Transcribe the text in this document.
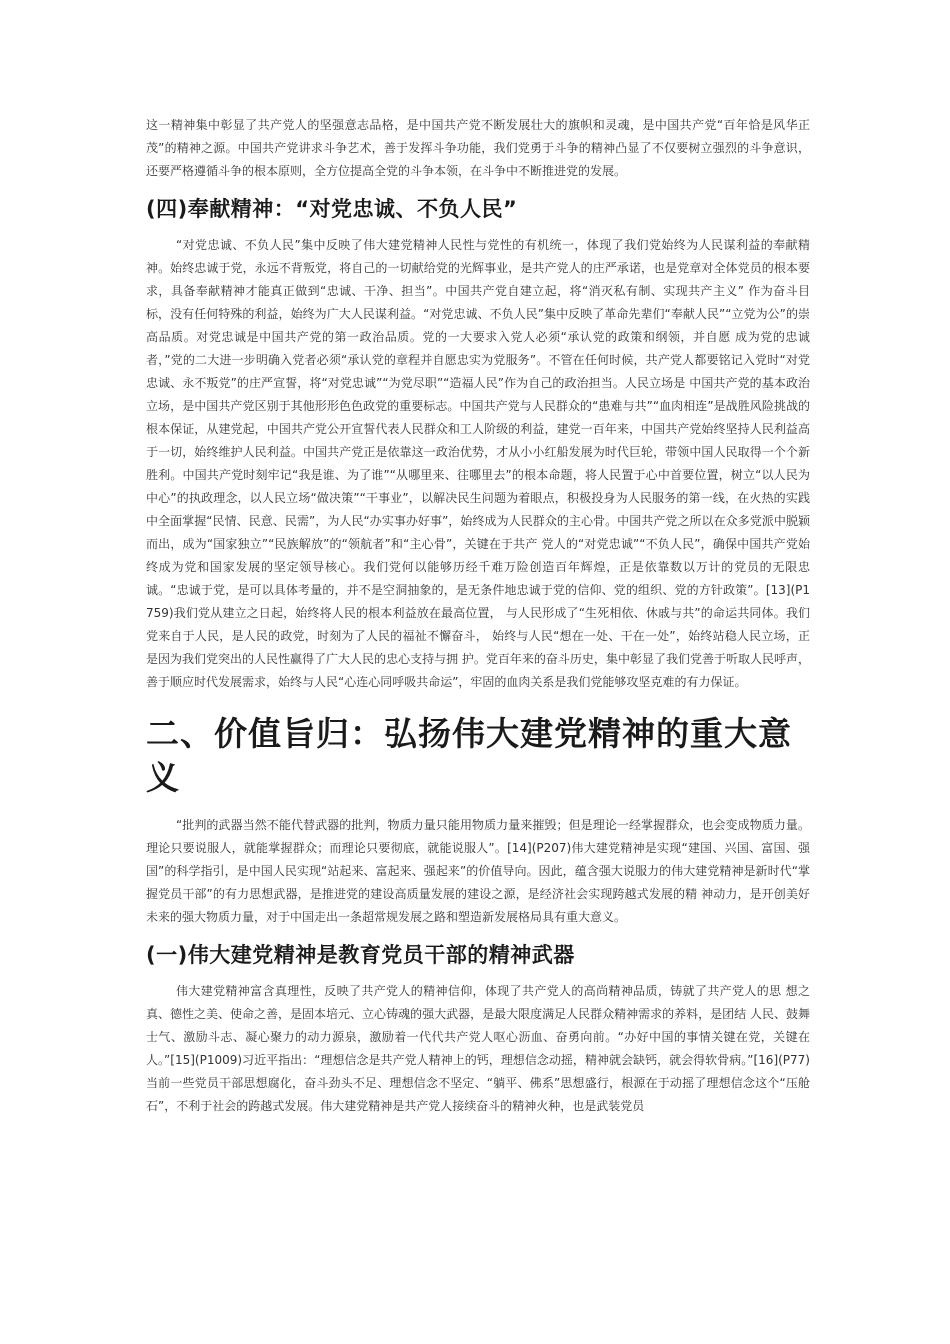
这一精神集中彰显了共产党人的坚强意志品格，是中国共产党不断发展壮大的旗帜和灵魂，是中国共产党“百年恰是风华正茂”的精神之源。中国共产党讲求斗争艺术，善于发挥斗争功能，我们党勇于斗争的精神凸显了不仅要树立强烈的斗争意识，还要严格遵循斗争的根本原则，全方位提高全党的斗争本领，在斗争中不断推进党的发展。

(四)奉献精神：“对党忠诚、不负人民”

“对党忠诚、不负人民”集中反映了伟大建党精神人民性与党性的有机统一，体现了我们党始终为人民谋利益的奉献精神。始终忠诚于党，永远不背叛党，将自己的一切献给党的光辉事业，是共产党人的庄严承诺，也是党章对全体党员的根本要求，具备奉献精神才能真正做到“忠诚、干净、担当”。中国共产党自建立起，将“消灭私有制、实现共产主义” 作为奋斗目标，没有任何特殊的利益，始终为广大人民谋利益。“对党忠诚、不负人民”集中反映了革命先辈们“奉献人民”“立党为公”的崇高品质。对党忠诚是中国共产党的第一政治品质。党的一大要求入党人必须“承认党的政策和纲领，并自愿 成为党的忠诚者，”党的二大进一步明确入党者必须“承认党的章程并自愿忠实为党服务”。不管在任何时候，共产党人都要铭记入党时“对党忠诚、永不叛党”的庄严宣誓，将“对党忠诚”“为党尽职”“造福人民”作为自己的政治担当。人民立场是 中国共产党的基本政治立场，是中国共产党区别于其他形形色色政党的重要标志。中国共产党与人民群众的“患难与共”“血肉相连”是战胜风险挑战的根本保证，从建党起，中国共产党公开宣誓代表人民群众和工人阶级的利益，建党一百年来，中国共产党始终坚持人民利益高于一切，始终维护人民利益。中国共产党正是依靠这一政治优势，才从小小红船发展为时代巨轮，带领中国人民取得一个个新胜利。中国共产党时刻牢记“我是谁、为了谁”“从哪里来、往哪里去”的根本命题，将人民置于心中首要位置，树立“以人民为中心”的执政理念，以人民立场“做决策”“干事业”，以解决民生问题为着眼点，积极投身为人民服务的第一线，在火热的实践中全面掌握“民情、民意、民需”，为人民“办实事办好事”，始终成为人民群众的主心骨。中国共产党之所以在众多党派中脱颖而出，成为“国家独立”“民族解放”的“领航者”和“主心骨”，关键在于共产 党人的“对党忠诚”“不负人民”，确保中国共产党始终成为党和国家发展的坚定领导核心。我们党何以能够历经千难万险创造百年辉煌，正是依靠数以万计的党员的无限忠诚。“忠诚于党，是可以具体考量的，并不是空洞抽象的，是无条件地忠诚于党的信仰、党的组织、党的方针政策”。[13](P1759)我们党从建立之日起，始终将人民的根本利益放在最高位置， 与人民形成了“生死相依、休戚与共”的命运共同体。我们党来自于人民，是人民的政党，时刻为了人民的福祉不懈奋斗， 始终与人民“想在一处、干在一处”，始终站稳人民立场，正是因为我们党突出的人民性赢得了广大人民的忠心支持与拥 护。党百年来的奋斗历史，集中彰显了我们党善于听取人民呼声，善于顺应时代发展需求，始终与人民“心连心同呼吸共命运”，牢固的血肉关系是我们党能够攻坚克难的有力保证。

二、价值旨归：弘扬伟大建党精神的重大意义

“批判的武器当然不能代替武器的批判，物质力量只能用物质力量来摧毁；但是理论一经掌握群众，也会变成物质力量。理论只要说服人，就能掌握群众；而理论只要彻底，就能说服人”。[14](P207)伟大建党精神是实现“建国、兴国、富国、强国”的科学指引，是中国人民实现“站起来、富起来、强起来”的价值导向。因此，蕴含强大说服力的伟大建党精神是新时代“掌握党员干部”的有力思想武器，是推进党的建设高质量发展的建设之源，是经济社会实现跨越式发展的精 神动力，是开创美好未来的强大物质力量，对于中国走出一条超常规发展之路和塑造新发展格局具有重大意义。

(一)伟大建党精神是教育党员干部的精神武器

伟大建党精神富含真理性，反映了共产党人的精神信仰，体现了共产党人的高尚精神品质，铸就了共产党人的思 想之真、德性之美、使命之善，是固本培元、立心铸魂的强大武器，是最大限度满足人民群众精神需求的养料，是团结 人民、鼓舞士气、激励斗志、凝心聚力的动力源泉，激励着一代代共产党人呕心沥血、奋勇向前。“办好中国的事情关键在党，关键在人。”[15](P1009)习近平指出：“理想信念是共产党人精神上的钙，理想信念动摇，精神就会缺钙，就会得软骨病。”[16](P77)当前一些党员干部思想腐化，奋斗劲头不足、理想信念不坚定、“躺平、佛系”思想盛行，根源在于动摇了理想信念这个“压舱石”，不利于社会的跨越式发展。伟大建党精神是共产党人接续奋斗的精神火种，也是武装党员
